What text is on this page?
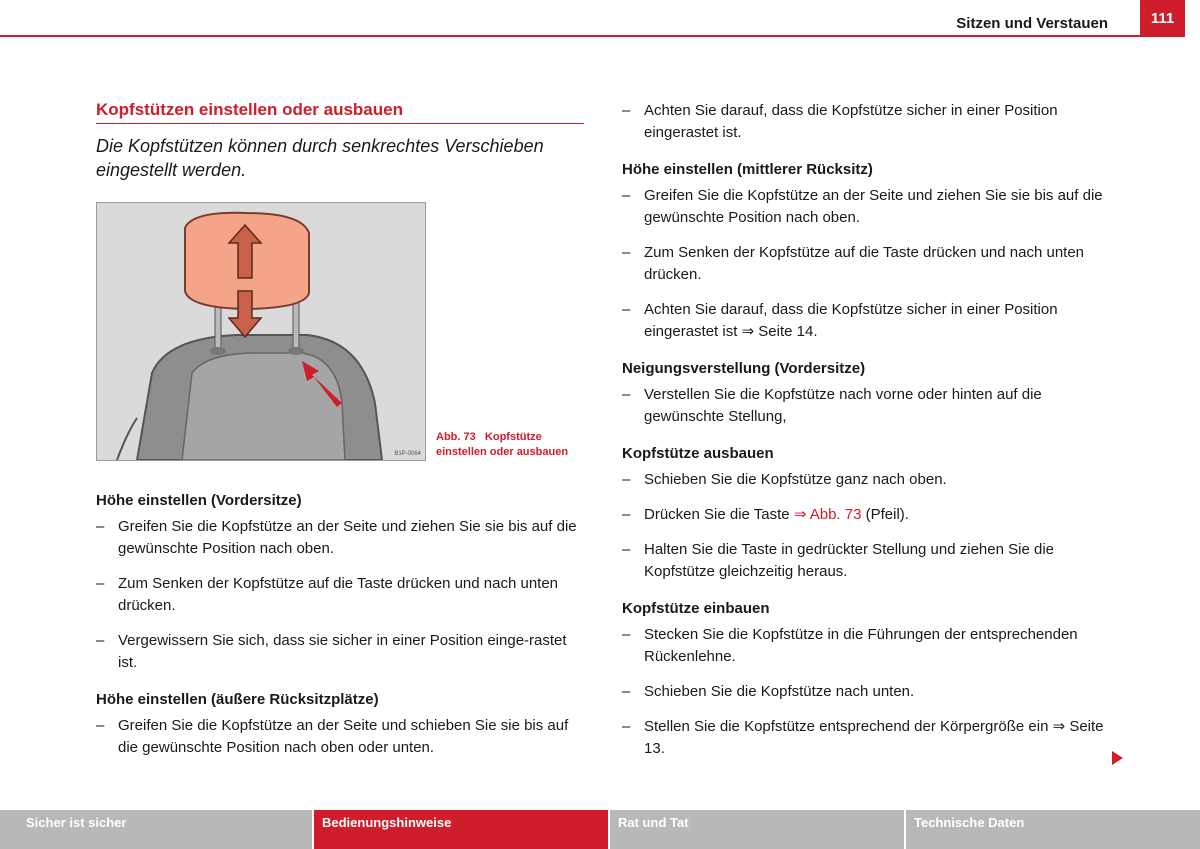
Sitzen und Verstauen	111
Kopfstützen einstellen oder ausbauen

Die Kopfstützen können durch senkrechtes Verschieben eingestellt werden.

B1P-0064
Abb. 73 Kopfstütze einstellen oder ausbauen

Höhe einstellen (Vordersitze)

– Greifen Sie die Kopfstütze an der Seite und ziehen Sie sie bis auf die gewünschte Position nach oben.

– Zum Senken der Kopfstütze auf die Taste drücken und nach unten drücken.

– Vergewissern Sie sich, dass sie sicher in einer Position einge-rastet ist.

Höhe einstellen (äußere Rücksitzplätze)

– Greifen Sie die Kopfstütze an der Seite und schieben Sie sie bis auf die gewünschte Position nach oben oder unten.

– Achten Sie darauf, dass die Kopfstütze sicher in einer Position eingerastet ist.

Höhe einstellen (mittlerer Rücksitz)

– Greifen Sie die Kopfstütze an der Seite und ziehen Sie sie bis auf die gewünschte Position nach oben.

– Zum Senken der Kopfstütze auf die Taste drücken und nach unten drücken.

– Achten Sie darauf, dass die Kopfstütze sicher in einer Position eingerastet ist ⇒ Seite 14.

Neigungsverstellung (Vordersitze)

– Verstellen Sie die Kopfstütze nach vorne oder hinten auf die gewünschte Stellung,

Kopfstütze ausbauen

– Schieben Sie die Kopfstütze ganz nach oben.

– Drücken Sie die Taste ⇒ Abb. 73 (Pfeil).

– Halten Sie die Taste in gedrückter Stellung und ziehen Sie die Kopfstütze gleichzeitig heraus.

Kopfstütze einbauen

– Stecken Sie die Kopfstütze in die Führungen der entsprechenden Rückenlehne.

– Schieben Sie die Kopfstütze nach unten.

– Stellen Sie die Kopfstütze entsprechend der Körpergröße ein ⇒ Seite 13.

Sicher ist sicher	Bedienungshinweise	Rat und Tat	Technische Daten
